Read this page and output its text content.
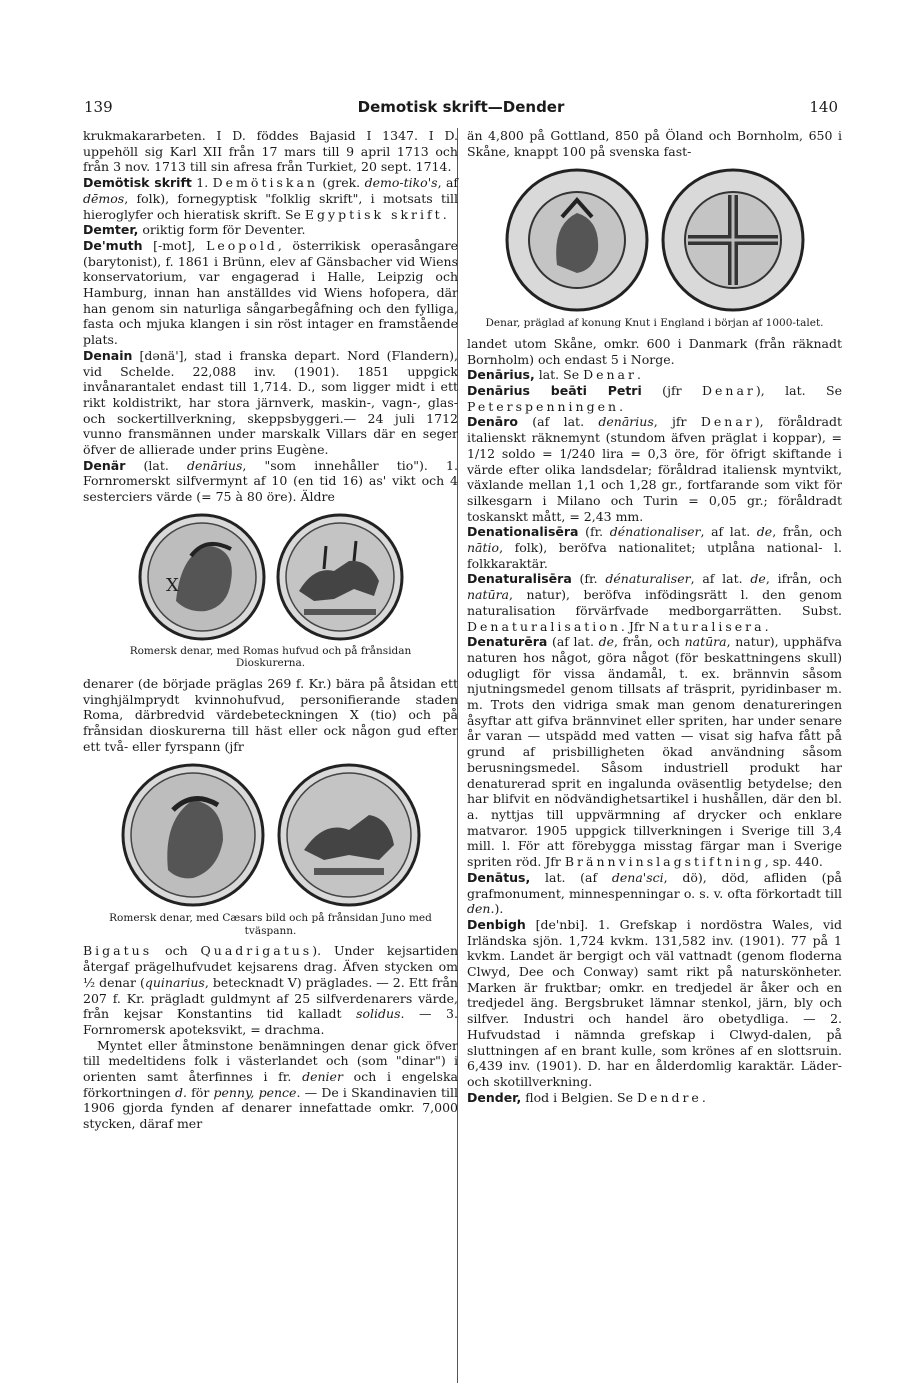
139	Demotisk skrift—Dender	140

krukmakararbeten. I D. föddes Bajasid I 1347. I D. uppehöll sig Karl XII från 17 mars till 9 april 1713 och från 3 nov. 1713 till sin afresa från Turkiet, 20 sept. 1714.

Demötisk skrift 1. Demötiskan (grek. demo-tiko's, af dēmos, folk), fornegyptisk "folklig skrift", i motsats till hieroglyfer och hieratisk skrift. Se Egyptisk skrift.

Demter, oriktig form för Deventer.

De'muth [-mot], Leopold, österrikisk operasångare (barytonist), f. 1861 i Brünn, elev af Gänsbacher vid Wiens konservatorium, var engagerad i Halle, Leipzig och Hamburg, innan han anställdes vid Wiens hofopera, där han genom sin naturliga sångarbegåfning och den fylliga, fasta och mjuka klangen i sin röst intager en framstående plats.

Denain [dənä'], stad i franska depart. Nord (Flandern), vid Schelde. 22,088 inv. (1901). 1851 uppgick invånarantalet endast till 1,714. D., som ligger midt i ett rikt koldistrikt, har stora järnverk, maskin-, vagn-, glas- och sockertillverkning, skeppsbyggeri.— 24 juli 1712 vunno fransmännen under marskalk Villars där en seger öfver de allierade under prins Eugène.

Denär (lat. denārius, "som innehåller tio"). 1. Fornromerskt silfvermynt af 10 (en tid 16) as' vikt och 4 sesterciers värde (= 75 à 80 öre). Äldre

X
Romersk denar, med Romas hufvud och på frånsidan Dioskurerna.

denarer (de började präglas 269 f. Kr.) bära på åtsidan ett vinghjälmprydt kvinnohufvud, personifierande staden Roma, därbredvid värdebeteckningen X (tio) och på frånsidan dioskurerna till häst eller ock någon gud efter ett två- eller fyrspann (jfr

Romersk denar, med Cæsars bild och på frånsidan Juno med tväspann.

Bigatus och Quadrigatus). Under kejsartiden återgaf prägelhufvudet kejsarens drag. Äfven stycken om ½ denar (quinarius, betecknadt V) präglades. — 2. Ett från 207 f. Kr. prägladt guldmynt af 25 silfverdenarers värde, från kejsar Konstantins tid kalladt solidus. — 3. Fornromersk apoteksvikt, = drachma.

Myntet eller åtminstone benämningen denar gick öfver till medeltidens folk i västerlandet och (som "dinar") i orienten samt återfinnes i fr. denier och i engelska förkortningen d. för penny, pence. — De i Skandinavien till 1906 gjorda fynden af denarer innefattade omkr. 7,000 stycken, däraf mer

än 4,800 på Gottland, 850 på Öland och Bornholm, 650 i Skåne, knappt 100 på svenska fast-

Denar, präglad af konung Knut i England i början af 1000-talet.

landet utom Skåne, omkr. 600 i Danmark (från räknadt Bornholm) och endast 5 i Norge.

Denārius, lat. Se Denar.

Denārius beāti Petri (jfr Denar), lat. Se Peterspenningen.

Denāro (af lat. denārius, jfr Denar), föråldradt italienskt räknemynt (stundom äfven präglat i koppar), = 1/12 soldo = 1/240 lira = 0,3 öre, för öfrigt skiftande i värde efter olika landsdelar; föråldrad italiensk myntvikt, växlande mellan 1,1 och 1,28 gr., fortfarande som vikt för silkesgarn i Milano och Turin = 0,05 gr.; föråldradt toskanskt mått, = 2,43 mm.

Denationalisēra (fr. dénationaliser, af lat. de, från, och nātio, folk), beröfva nationalitet; utplåna national- l. folkkaraktär.

Denaturalisēra (fr. dénaturaliser, af lat. de, ifrån, och natūra, natur), beröfva infödingsrätt l. den genom naturalisation förvärfvade medborgarrätten. Subst. Denaturalisation. Jfr Naturalisera.

Denaturēra (af lat. de, från, och natūra, natur), upphäfva naturen hos något, göra något (för beskattningens skull) odugligt för vissa ändamål, t. ex. brännvin såsom njutningsmedel genom tillsats af träsprit, pyridinbaser m. m. Trots den vidriga smak man genom denatureringen åsyftar att gifva brännvinet eller spriten, har under senare år varan — utspädd med vatten — visat sig hafva fått på grund af prisbilligheten ökad användning såsom berusningsmedel. Såsom industriell produkt har denaturerad sprit en ingalunda oväsentlig betydelse; den har blifvit en nödvändighetsartikel i hushållen, där den bl. a. nyttjas till uppvärmning af drycker och enklare matvaror. 1905 uppgick tillverkningen i Sverige till 3,4 mill. l. För att förebygga misstag färgar man i Sverige spriten röd. Jfr Brännvinslagstiftning, sp. 440.

Denātus, lat. (af dena'sci, dö), död, afliden (på grafmonument, minnespenningar o. s. v. ofta förkortadt till den.).

Denbigh [de'nbi]. 1. Grefskap i nordöstra Wales, vid Irländska sjön. 1,724 kvkm. 131,582 inv. (1901). 77 på 1 kvkm. Landet är bergigt och väl vattnadt (genom floderna Clwyd, Dee och Conway) samt rikt på naturskönheter. Marken är fruktbar; omkr. en tredjedel är åker och en tredjedel äng. Bergsbruket lämnar stenkol, järn, bly och silfver. Industri och handel äro obetydliga. — 2. Hufvudstad i nämnda grefskap i Clwyd-dalen, på sluttningen af en brant kulle, som krönes af en slottsruin. 6,439 inv. (1901). D. har en ålderdomlig karaktär. Läder- och skotillverkning.

Dender, flod i Belgien. Se Dendre.
